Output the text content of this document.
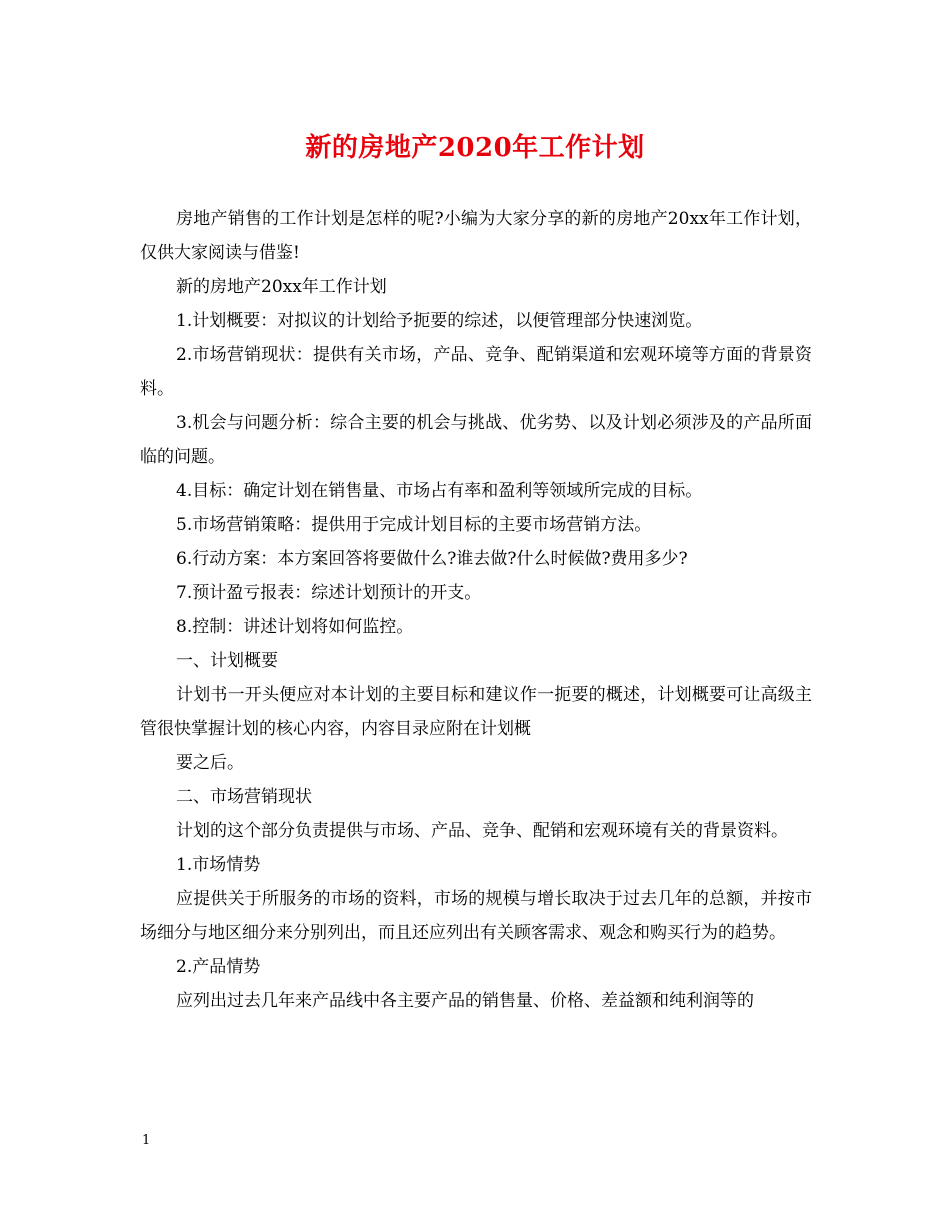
新的房地产2020年工作计划

房地产销售的工作计划是怎样的呢?小编为大家分享的新的房地产20xx年工作计划，仅供大家阅读与借鉴!

新的房地产20xx年工作计划

1.计划概要：对拟议的计划给予扼要的综述，以便管理部分快速浏览。

2.市场营销现状：提供有关市场，产品、竞争、配销渠道和宏观环境等方面的背景资料。

3.机会与问题分析：综合主要的机会与挑战、优劣势、以及计划必须涉及的产品所面临的问题。

4.目标：确定计划在销售量、市场占有率和盈利等领域所完成的目标。

5.市场营销策略：提供用于完成计划目标的主要市场营销方法。

6.行动方案：本方案回答将要做什么?谁去做?什么时候做?费用多少?

7.预计盈亏报表：综述计划预计的开支。

8.控制：讲述计划将如何监控。

一、计划概要

计划书一开头便应对本计划的主要目标和建议作一扼要的概述，计划概要可让高级主管很快掌握计划的核心内容，内容目录应附在计划概

要之后。

二、市场营销现状

计划的这个部分负责提供与市场、产品、竞争、配销和宏观环境有关的背景资料。

1.市场情势

应提供关于所服务的市场的资料，市场的规模与增长取决于过去几年的总额，并按市场细分与地区细分来分别列出，而且还应列出有关顾客需求、观念和购买行为的趋势。

2.产品情势

应列出过去几年来产品线中各主要产品的销售量、价格、差益额和纯利润等的

1
